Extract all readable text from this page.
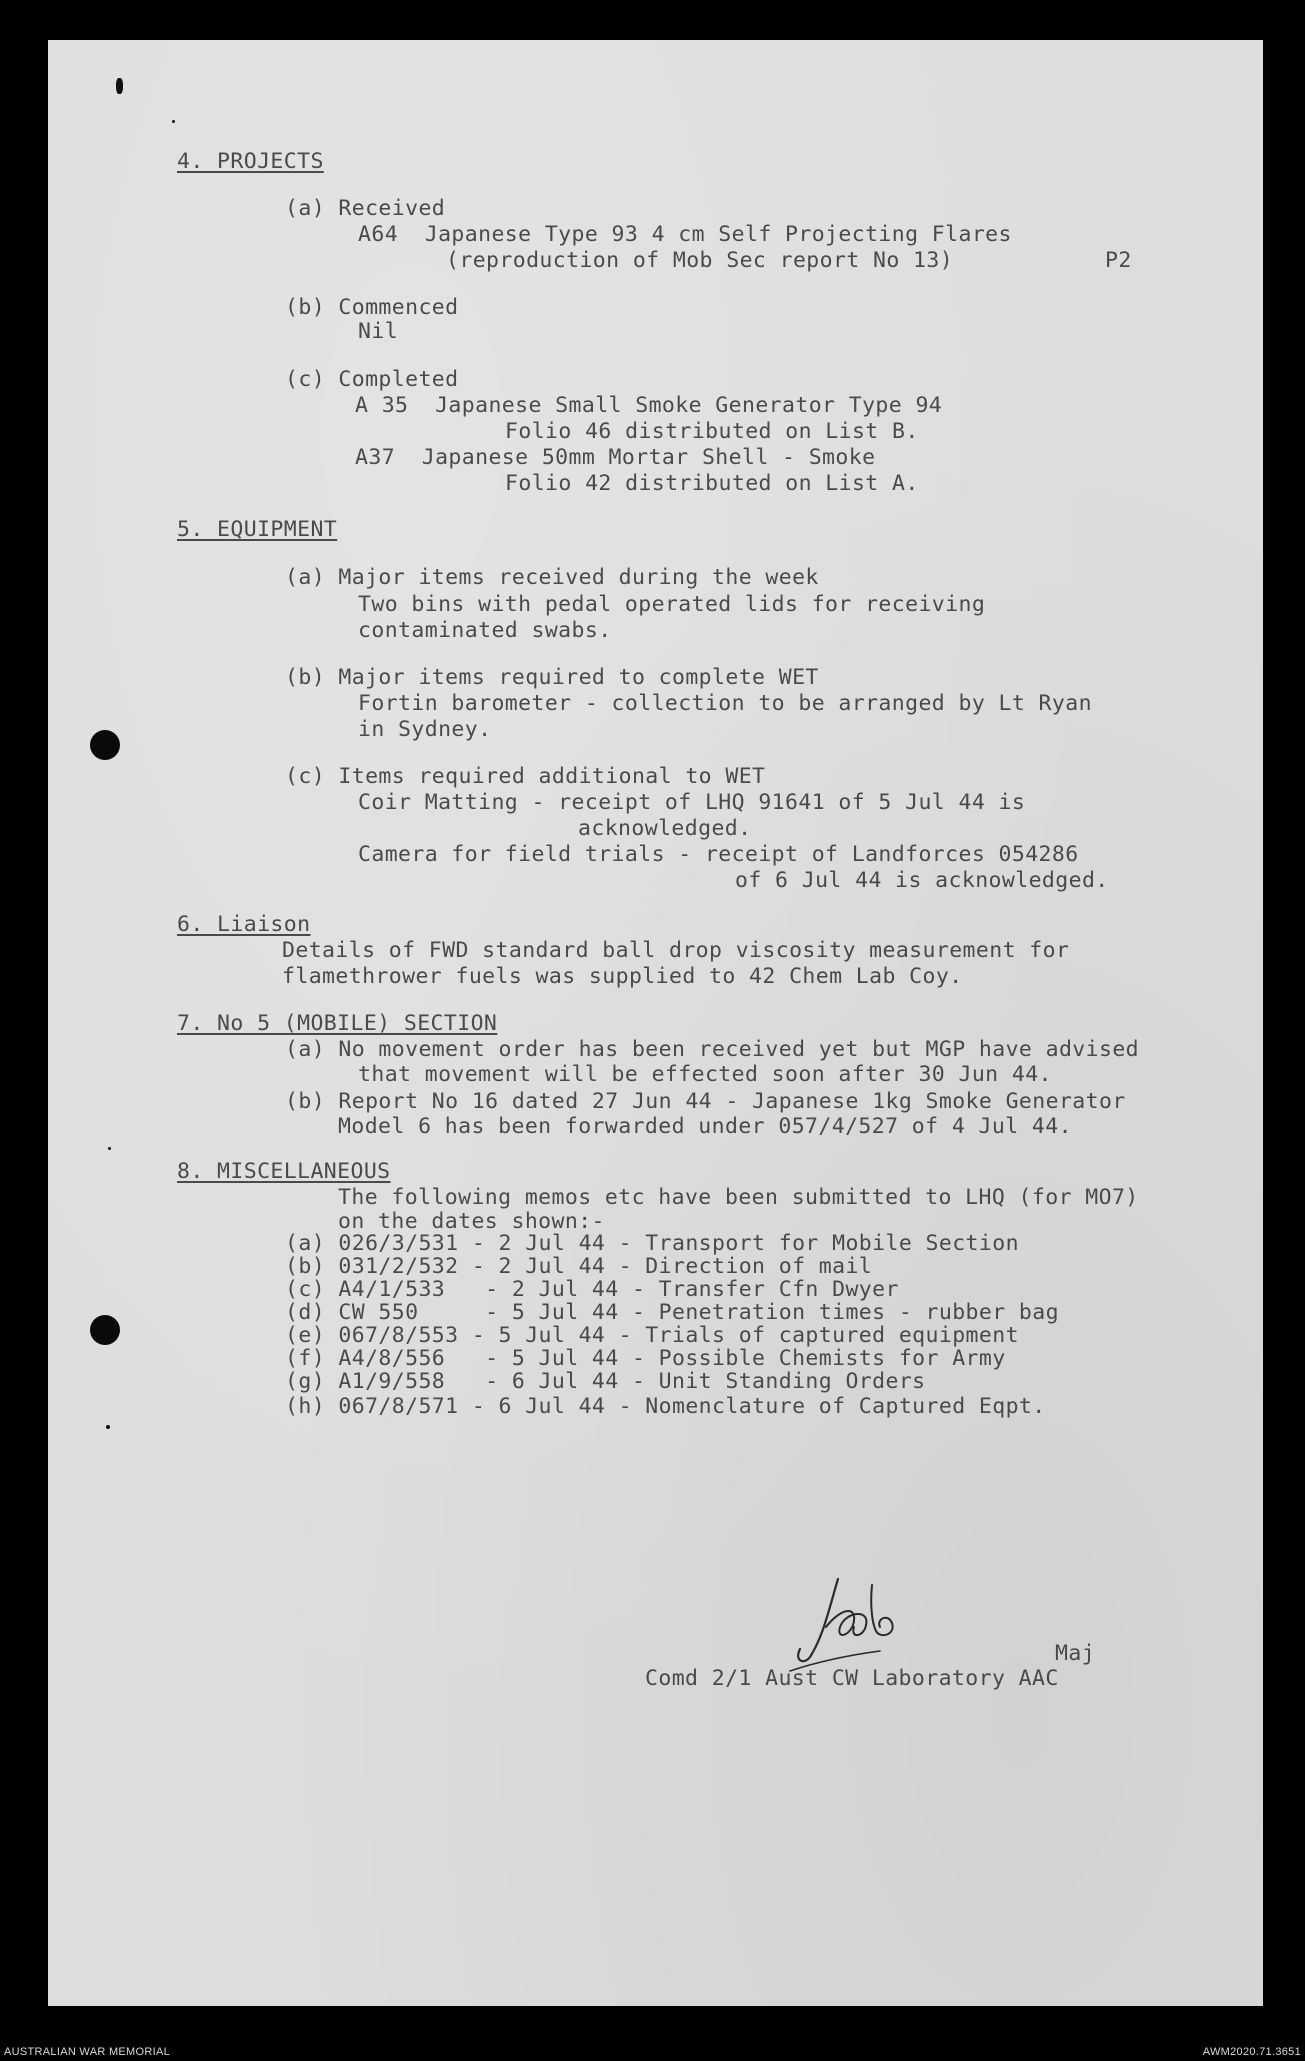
4. PROJECTS
(a) Received
A64  Japanese Type 93 4 cm Self Projecting Flares
(reproduction of Mob Sec report No 13)	P2
(b) Commenced
Nil
(c) Completed
A 35  Japanese Small Smoke Generator Type 94
Folio 46 distributed on List B.
A37  Japanese 50mm Mortar Shell - Smoke
Folio 42 distributed on List A.
5. EQUIPMENT
(a) Major items received during the week
Two bins with pedal operated lids for receiving
contaminated swabs.
(b) Major items required to complete WET
Fortin barometer - collection to be arranged by Lt Ryan
in Sydney.
(c) Items required additional to WET
Coir Matting - receipt of LHQ 91641 of 5 Jul 44 is
acknowledged.
Camera for field trials - receipt of Landforces 054286
of 6 Jul 44 is acknowledged.
6. Liaison
Details of FWD standard ball drop viscosity measurement for
flamethrower fuels was supplied to 42 Chem Lab Coy.
7. No 5 (MOBILE) SECTION
(a) No movement order has been received yet but MGP have advised
that movement will be effected soon after 30 Jun 44.
(b) Report No 16 dated 27 Jun 44 - Japanese 1kg Smoke Generator
Model 6 has been forwarded under 057/4/527 of 4 Jul 44.
8. MISCELLANEOUS
The following memos etc have been submitted to LHQ (for MO7)
on the dates shown:-
(a) 026/3/531 - 2 Jul 44 - Transport for Mobile Section
(b) 031/2/532 - 2 Jul 44 - Direction of mail
(c) A4/1/533   - 2 Jul 44 - Transfer Cfn Dwyer
(d) CW 550     - 5 Jul 44 - Penetration times - rubber bag
(e) 067/8/553 - 5 Jul 44 - Trials of captured equipment
(f) A4/8/556   - 5 Jul 44 - Possible Chemists for Army
(g) A1/9/558   - 6 Jul 44 - Unit Standing Orders
(h) 067/8/571 - 6 Jul 44 - Nomenclature of Captured Eqpt.
Maj
Comd 2/1 Aust CW Laboratory AAC
AUSTRALIAN WAR MEMORIAL	AWM2020.71.3651
